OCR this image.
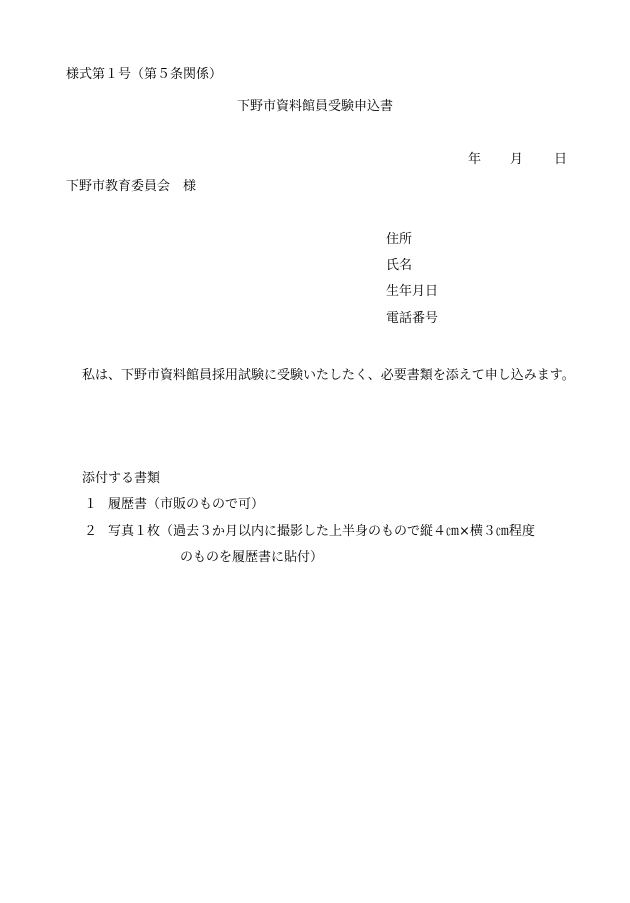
様式第１号（第５条関係）
下野市資料館員受験申込書
年 月 日
下野市教育委員会　様
住所
氏名
生年月日
電話番号
私は、下野市資料館員採用試験に受験いたしたく、必要書類を添えて申し込みます。
添付する書類
１ 履歴書（市販のもので可）
２ 写真１枚（過去３か月以内に撮影した上半身のもので縦４㎝×横３㎝程度
のものを履歴書に貼付）
